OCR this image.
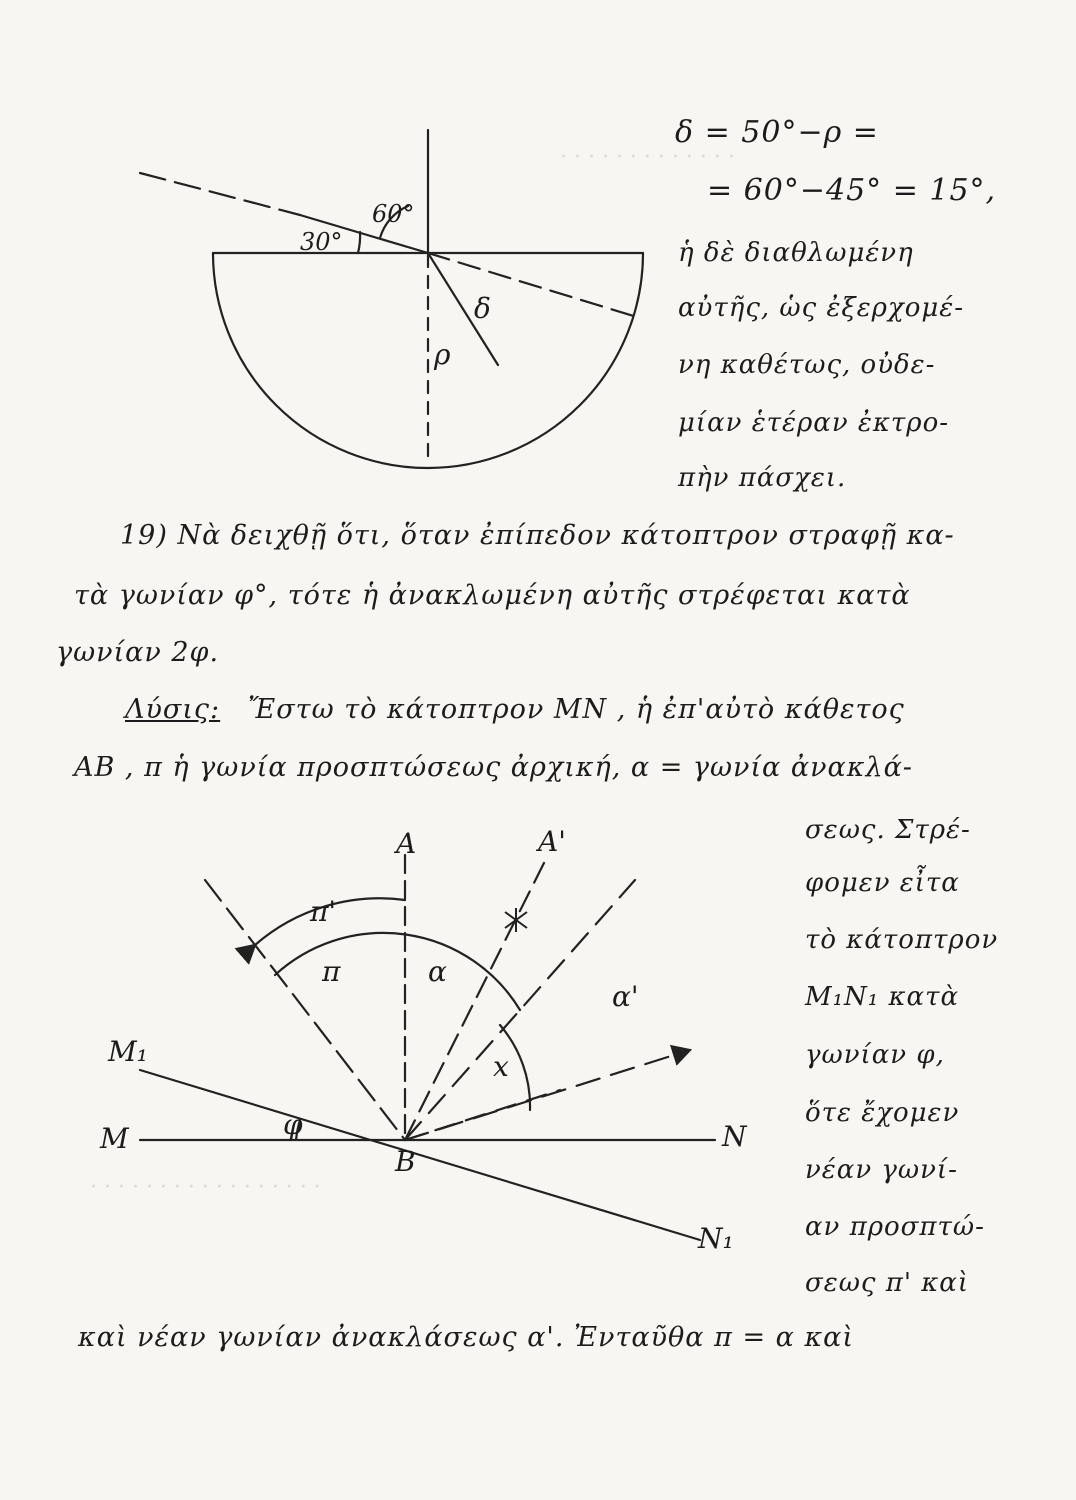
· · · · · · · · · · · · ·
· · · · · · · · · · · · · · · · ·
δ = 50°−ρ =
= 60°−45° = 15°,
ἡ δὲ διαθλωμένη
αὐτῆς, ὡς ἐξερχομέ-
νη καθέτως, οὐδε-
μίαν ἑτέραν ἐκτρο-
πὴν πάσχει.
60°
30°
δ
ρ
19) Νὰ δειχθῇ ὅτι, ὅταν ἐπίπεδον κάτοπτρον στραφῇ κα-
τὰ γωνίαν φ°, τότε ἡ ἀνακλωμένη αὐτῆς στρέφεται κατὰ
γωνίαν 2φ.
Λύσις: Ἔστω τὸ κάτοπτρον MN , ἡ ἐπ'αὐτὸ κάθετος
AB , π ἡ γωνία προσπτώσεως ἀρχική, α = γωνία ἀνακλά-
σεως. Στρέ-
φομεν εἶτα
τὸ κάτοπτρον
M₁N₁ κατὰ
γωνίαν φ,
ὅτε ἔχομεν
νέαν γωνί-
αν προσπτώ-
σεως π' καὶ
καὶ νέαν γωνίαν ἀνακλάσεως α'. Ἐνταῦθα π = α καὶ
A	A'
π'
π	α
α'
x
M₁
M	φ
B
N
N₁
